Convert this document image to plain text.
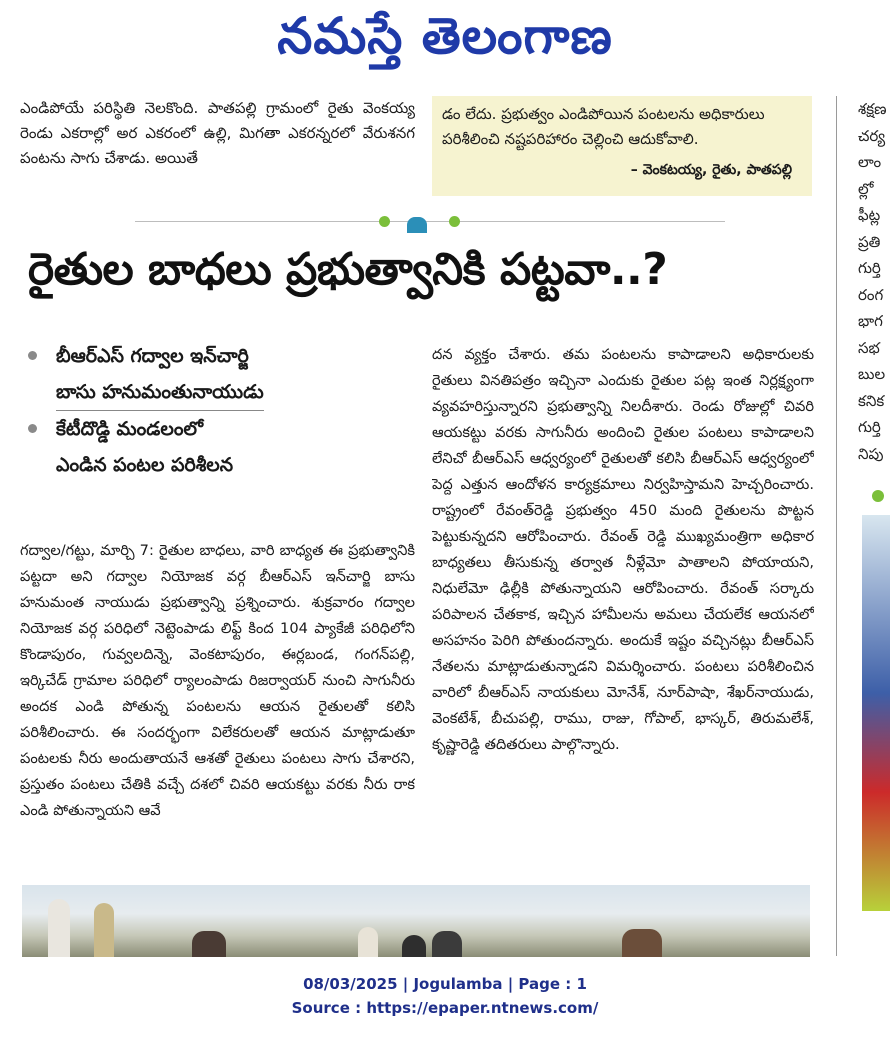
నమస్తే తెలంగాణ

ఎండిపోయే పరిస్థితి నెలకొంది. పాతపల్లి గ్రామంలో రైతు వెంకయ్య రెండు ఎకరాల్లో అర ఎకరంలో ఉల్లి, మిగతా ఎకరన్నరలో వేరుశనగ పంటను సాగు చేశాడు. అయితే

డం లేదు. ప్రభుత్వం ఎండిపోయిన పంటలను అధికారులు పరిశీలించి నష్టపరిహారం చెల్లించి ఆదుకోవాలి.

– వెంకటయ్య, రైతు, పాతపల్లి
రైతుల బాధలు ప్రభుత్వానికి పట్టవా..?
బీఆర్ఎస్ గద్వాల ఇన్‌చార్జి
బాసు హనుమంతునాయుడు
కేటీదొడ్డి మండలంలో
ఎండిన పంటల పరిశీలన

గద్వాల/గట్టు, మార్చి 7: రైతుల బాధలు, వారి బాధ్యత ఈ ప్రభుత్వానికి పట్టదా అని గద్వాల నియోజక వర్గ బీఆర్ఎస్ ఇన్‌చార్జి బాసు హనుమంత నాయుడు ప్రభుత్వాన్ని ప్రశ్నించారు. శుక్రవారం గద్వాల నియోజక వర్గ పరిధిలో నెట్టెంపాడు లిఫ్ట్ కింద 104 ప్యాకేజీ పరిధిలోని కొండాపురం, గువ్వలదిన్నె, వెంకటాపురం, ఈర్లబండ, గంగన్‌పల్లి, ఇర్కిచేడ్ గ్రామాల పరిధిలో ర్యాలంపాడు రిజర్వాయర్ నుంచి సాగునీరు అందక ఎండి పోతున్న పంటలను ఆయన రైతులతో కలిసి పరిశీలించారు. ఈ సందర్భంగా విలేకరులతో ఆయన మాట్లాడుతూ పంటలకు నీరు అందుతాయనే ఆశతో రైతులు పంటలు సాగు చేశారని, ప్రస్తుతం పంటలు చేతికి వచ్చే దశలో చివరి ఆయకట్టు వరకు నీరు రాక ఎండి పోతున్నాయని ఆవే

దన వ్యక్తం చేశారు. తమ పంటలను కాపాడాలని అధికారులకు రైతులు వినతిపత్రం ఇచ్చినా ఎందుకు రైతుల పట్ల ఇంత నిర్లక్ష్యంగా వ్యవహరిస్తున్నారని ప్రభుత్వాన్ని నిలదీశారు. రెండు రోజుల్లో చివరి ఆయకట్టు వరకు సాగునీరు అందించి రైతుల పంటలు కాపాడాలని లేనిచో బీఆర్ఎస్ ఆధ్వర్యంలో రైతులతో కలిసి బీఆర్ఎస్ ఆధ్వర్యంలో పెద్ద ఎత్తున ఆందోళన కార్యక్రమాలు నిర్వహిస్తామని హెచ్చరించారు. రాష్ట్రంలో రేవంత్‌రెడ్డి ప్రభుత్వం 450 మంది రైతులను పొట్టన పెట్టుకున్నదని ఆరోపించారు. రేవంత్ రెడ్డి ముఖ్యమంత్రిగా అధికార బాధ్యతలు తీసుకున్న తర్వాత నీళ్లేమో పాతాలని పోయాయని, నిధులేమో ఢిల్లీకి పోతున్నాయని ఆరోపించారు. రేవంత్ సర్కారు పరిపాలన చేతకాక, ఇచ్చిన హామీలను అమలు చేయలేక ఆయనలో అసహనం పెరిగి పోతుందన్నారు. అందుకే ఇష్టం వచ్చినట్లు బీఆర్ఎస్ నేతలను మాట్లాడుతున్నాడని విమర్శించారు. పంటలు పరిశీలించిన వారిలో బీఆర్ఎస్ నాయకులు మోనేశ్, నూర్‌పాషా, శేఖర్‌నాయుడు, వెంకటేశ్, బీచుపల్లి, రాము, రాజు, గోపాల్, భాస్కర్, తిరుమలేశ్, కృష్ణారెడ్డి తదితరులు పాల్గొన్నారు.

శక్షణ
చర్య
లాం
ల్లో
ఫీట్ల
ప్రతి
గుర్తి
రంగ
భాగ
సభ
బుల
కనిక
గుర్తి
నిపు
08/03/2025 | Jogulamba | Page : 1
Source : https://epaper.ntnews.com/
